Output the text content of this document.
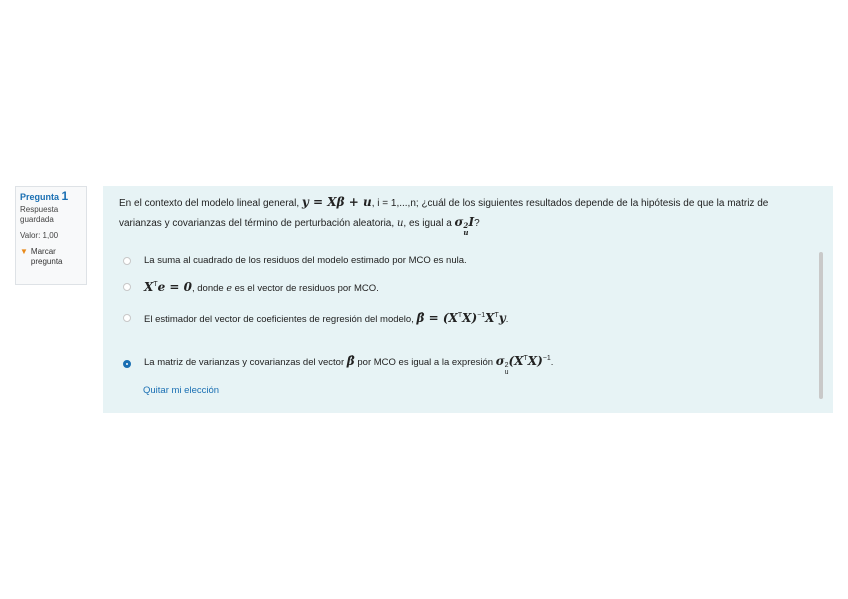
Pregunta 1
Respuesta guardada
Valor: 1,00
▼ Marcar pregunta
En el contexto del modelo lineal general, y = Xβ + u, i = 1,...,n; ¿cuál de los siguientes resultados depende de la hipótesis de que la matriz de
varianzas y covarianzas del término de perturbación aleatoria, u, es igual a σ 2
u
I?
La suma al cuadrado de los residuos del modelo estimado por MCO es nula.
$X^Te = 0$, donde e es el vector de residuos por MCO.
El estimador del vector de coeficientes de regresión del modelo, β̂ = $(X^TX)^{-1}X^Ty$.
La matriz de varianzas y covarianzas del vector β̂ por MCO es igual a la expresión σ 2
u
$(X^TX)^{-1}$.
Quitar mi elección
